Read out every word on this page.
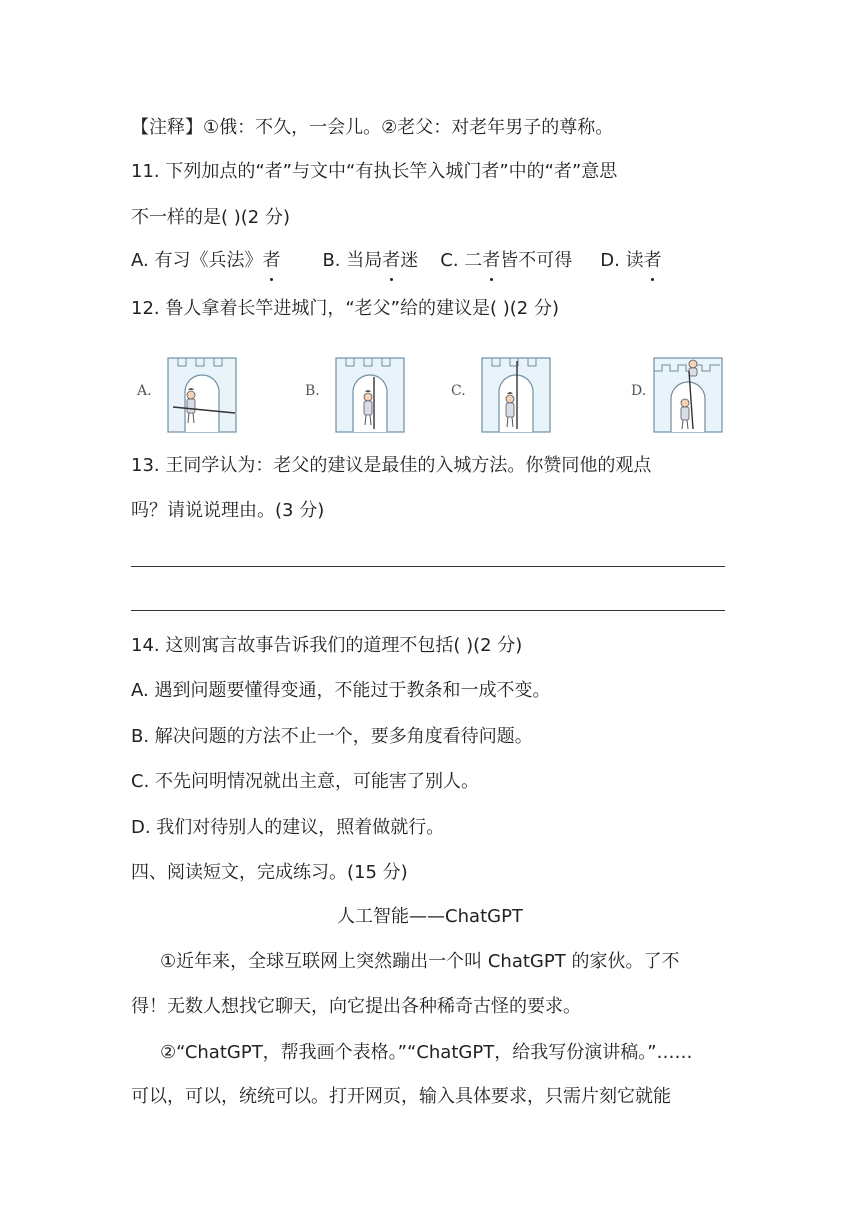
【注释】①俄：不久，一会儿。②老父：对老年男子的尊称。
11. 下列加点的“者”与文中“有执长竿入城门者”中的“者”意思
不一样的是( )(2 分)
A. 有习《兵法》者 B. 当局者迷 C. 二者皆不可得 D. 读者
12. 鲁人拿着长竿进城门，“老父”给的建议是( )(2 分)
A.	B.	C.	D.
13. 王同学认为：老父的建议是最佳的入城方法。你赞同他的观点
吗？请说说理由。(3 分)
14. 这则寓言故事告诉我们的道理不包括( )(2 分)
A. 遇到问题要懂得变通，不能过于教条和一成不变。
B. 解决问题的方法不止一个，要多角度看待问题。
C. 不先问明情况就出主意，可能害了别人。
D. 我们对待别人的建议，照着做就行。
四、阅读短文，完成练习。(15 分)
人工智能——ChatGPT
①近年来，全球互联网上突然蹦出一个叫 ChatGPT 的家伙。了不
得！无数人想找它聊天，向它提出各种稀奇古怪的要求。
②“ChatGPT，帮我画个表格。”“ChatGPT，给我写份演讲稿。”……
可以，可以，统统可以。打开网页，输入具体要求，只需片刻它就能
